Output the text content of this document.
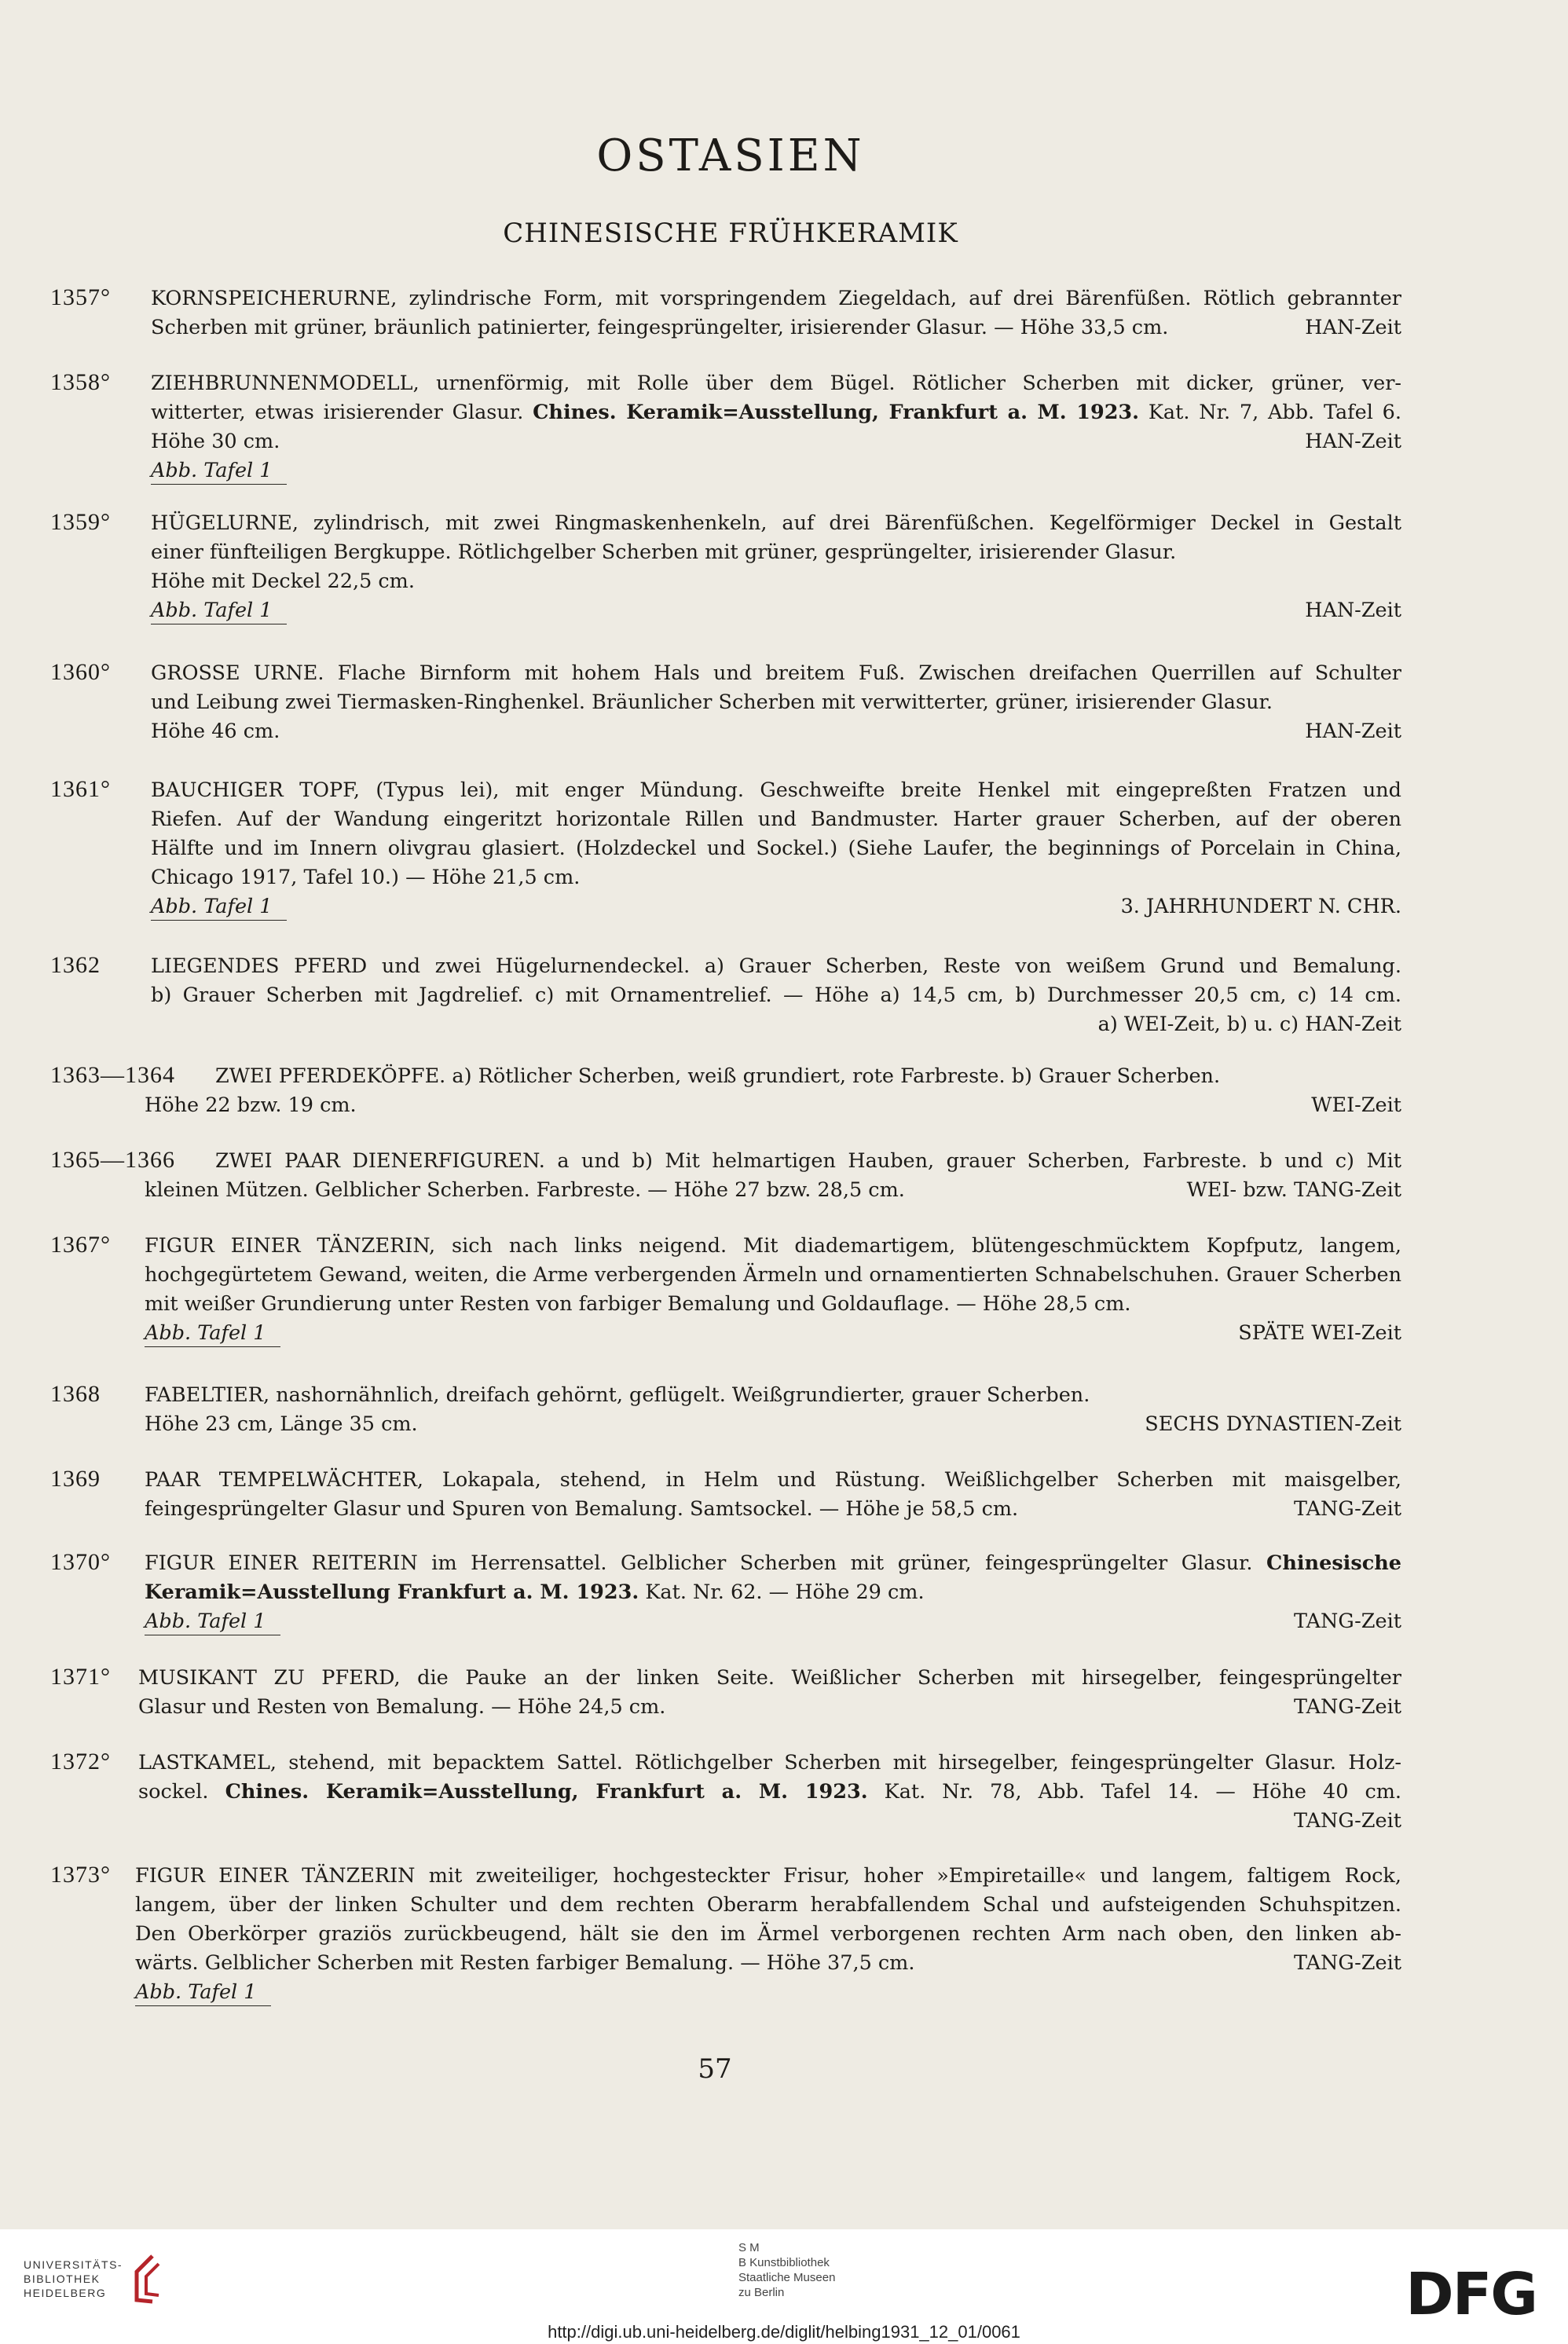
OSTASIEN
CHINESISCHE FRÜHKERAMIK
1357° KORNSPEICHERURNE, zylindrische Form, mit vorspringendem Ziegeldach, auf drei Bärenfüßen. Rötlich gebrannter
Scherben mit grüner, bräunlich patinierter, feingesprüngelter, irisierender Glasur. — Höhe 33,5 cm.	HAN-Zeit
1358° ZIEHBRUNNENMODELL, urnenförmig, mit Rolle über dem Bügel. Rötlicher Scherben mit dicker, grüner, ver-
witterter, etwas irisierender Glasur. Chines. Keramik=Ausstellung, Frankfurt a. M. 1923. Kat. Nr. 7, Abb. Tafel 6.
Höhe 30 cm.	HAN-Zeit
Abb. Tafel 1
1359° HÜGELURNE, zylindrisch, mit zwei Ringmaskenhenkeln, auf drei Bärenfüßchen. Kegelförmiger Deckel in Gestalt
einer fünfteiligen Bergkuppe. Rötlichgelber Scherben mit grüner, gesprüngelter, irisierender Glasur.
Höhe mit Deckel 22,5 cm.
Abb. Tafel 1	HAN-Zeit
1360° GROSSE URNE. Flache Birnform mit hohem Hals und breitem Fuß. Zwischen dreifachen Querrillen auf Schulter
und Leibung zwei Tiermasken-Ringhenkel. Bräunlicher Scherben mit verwitterter, grüner, irisierender Glasur.
Höhe 46 cm.	HAN-Zeit
1361° BAUCHIGER TOPF, (Typus lei), mit enger Mündung. Geschweifte breite Henkel mit eingepreßten Fratzen und
Riefen. Auf der Wandung eingeritzt horizontale Rillen und Bandmuster. Harter grauer Scherben, auf der oberen
Hälfte und im Innern olivgrau glasiert. (Holzdeckel und Sockel.) (Siehe Laufer, the beginnings of Porcelain in China,
Chicago 1917, Tafel 10.) — Höhe 21,5 cm.
Abb. Tafel 1	3. JAHRHUNDERT N. CHR.
1362	LIEGENDES PFERD und zwei Hügelurnendeckel. a) Grauer Scherben, Reste von weißem Grund und Bemalung.
b) Grauer Scherben mit Jagdrelief. c) mit Ornamentrelief. — Höhe a) 14,5 cm, b) Durchmesser 20,5 cm, c) 14 cm.
a) WEI-Zeit, b) u. c) HAN-Zeit
1363—1364 ZWEI PFERDEKÖPFE. a) Rötlicher Scherben, weiß grundiert, rote Farbreste. b) Grauer Scherben.
Höhe 22 bzw. 19 cm.	WEI-Zeit
1365—1366 ZWEI PAAR DIENERFIGUREN. a und b) Mit helmartigen Hauben, grauer Scherben, Farbreste. b und c) Mit
kleinen Mützen. Gelblicher Scherben. Farbreste. — Höhe 27 bzw. 28,5 cm.	WEI- bzw. TANG-Zeit
1367° FIGUR EINER TÄNZERIN, sich nach links neigend. Mit diademartigem, blütengeschmücktem Kopfputz, langem,
hochgegürtetem Gewand, weiten, die Arme verbergenden Ärmeln und ornamentierten Schnabelschuhen. Grauer Scherben
mit weißer Grundierung unter Resten von farbiger Bemalung und Goldauflage. — Höhe 28,5 cm.
Abb. Tafel 1	SPÄTE WEI-Zeit
1368 FABELTIER, nashornähnlich, dreifach gehörnt, geflügelt. Weißgrundierter, grauer Scherben.
Höhe 23 cm, Länge 35 cm.	SECHS DYNASTIEN-Zeit
1369 PAAR TEMPELWÄCHTER, Lokapala, stehend, in Helm und Rüstung. Weißlichgelber Scherben mit maisgelber,
feingesprüngelter Glasur und Spuren von Bemalung. Samtsockel. — Höhe je 58,5 cm.	TANG-Zeit
1370° FIGUR EINER REITERIN im Herrensattel. Gelblicher Scherben mit grüner, feingesprüngelter Glasur. Chinesische
Keramik=Ausstellung Frankfurt a. M. 1923. Kat. Nr. 62. — Höhe 29 cm.
Abb. Tafel 1	TANG-Zeit
1371° MUSIKANT ZU PFERD, die Pauke an der linken Seite. Weißlicher Scherben mit hirsegelber, feingesprüngelter
Glasur und Resten von Bemalung. — Höhe 24,5 cm.	TANG-Zeit
1372° LASTKAMEL, stehend, mit bepacktem Sattel. Rötlichgelber Scherben mit hirsegelber, feingesprüngelter Glasur. Holz-
sockel. Chines. Keramik=Ausstellung, Frankfurt a. M. 1923. Kat. Nr. 78, Abb. Tafel 14. — Höhe 40 cm.
TANG-Zeit
1373° FIGUR EINER TÄNZERIN mit zweiteiliger, hochgesteckter Frisur, hoher »Empiretaille« und langem, faltigem Rock,
langem, über der linken Schulter und dem rechten Oberarm herabfallendem Schal und aufsteigenden Schuhspitzen.
Den Oberkörper graziös zurückbeugend, hält sie den im Ärmel verborgenen rechten Arm nach oben, den linken ab-
wärts. Gelblicher Scherben mit Resten farbiger Bemalung. — Höhe 37,5 cm.	TANG-Zeit
Abb. Tafel 1
57
UNIVERSITÄTS-
BIBLIOTHEK
HEIDELBERG
S M
B Kunstbibliothek
Staatliche Museen
zu Berlin	DFG
http://digi.ub.uni-heidelberg.de/diglit/helbing1931_12_01/0061
